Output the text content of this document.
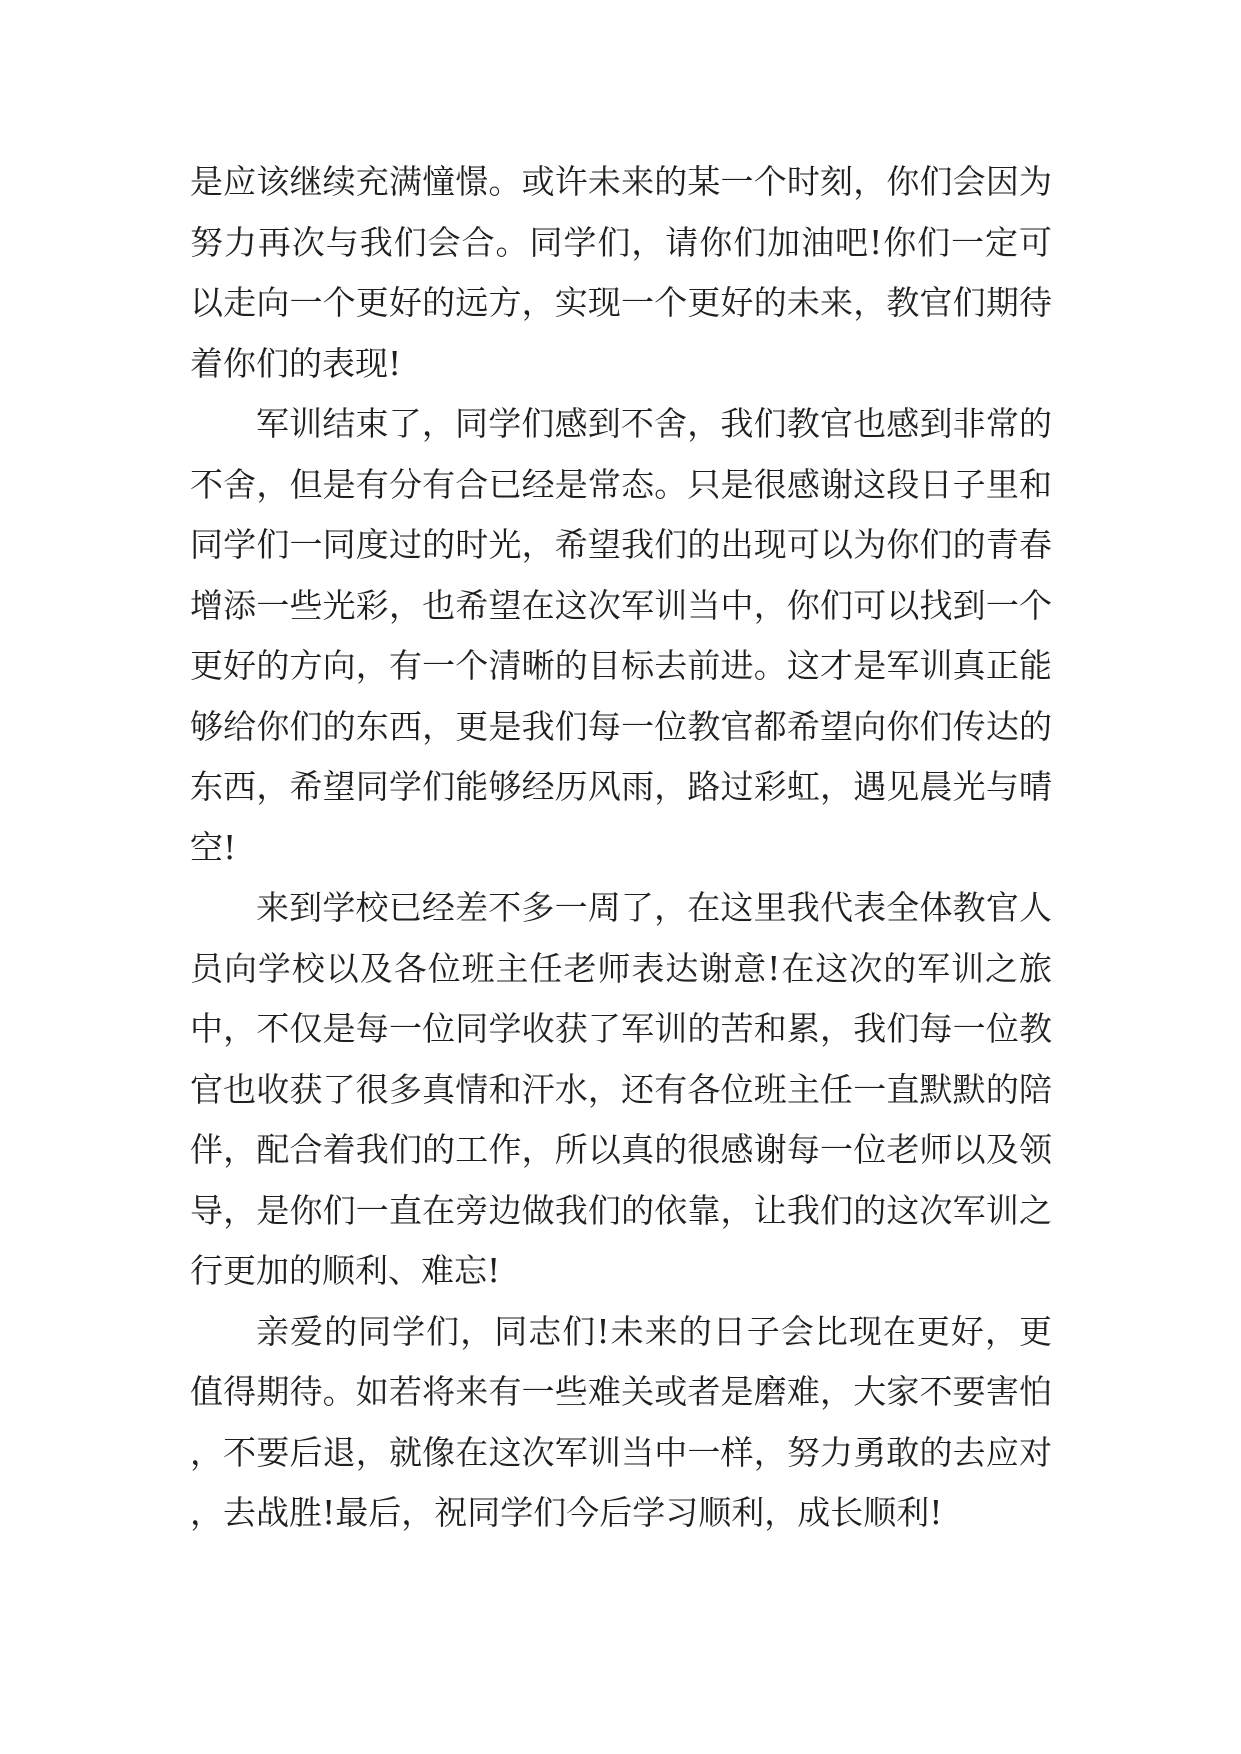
是应该继续充满憧憬。或许未来的某一个时刻，你们会因为努力再次与我们会合。同学们，请你们加油吧!你们一定可以走向一个更好的远方，实现一个更好的未来，教官们期待着你们的表现!

军训结束了，同学们感到不舍，我们教官也感到非常的不舍，但是有分有合已经是常态。只是很感谢这段日子里和同学们一同度过的时光，希望我们的出现可以为你们的青春增添一些光彩，也希望在这次军训当中，你们可以找到一个更好的方向，有一个清晰的目标去前进。这才是军训真正能够给你们的东西，更是我们每一位教官都希望向你们传达的东西，希望同学们能够经历风雨，路过彩虹，遇见晨光与晴空!

来到学校已经差不多一周了，在这里我代表全体教官人员向学校以及各位班主任老师表达谢意!在这次的军训之旅中，不仅是每一位同学收获了军训的苦和累，我们每一位教官也收获了很多真情和汗水，还有各位班主任一直默默的陪伴，配合着我们的工作，所以真的很感谢每一位老师以及领导，是你们一直在旁边做我们的依靠，让我们的这次军训之行更加的顺利、难忘!

亲爱的同学们，同志们!未来的日子会比现在更好，更值得期待。如若将来有一些难关或者是磨难，大家不要害怕，不要后退，就像在这次军训当中一样，努力勇敢的去应对，去战胜!最后，祝同学们今后学习顺利，成长顺利!
